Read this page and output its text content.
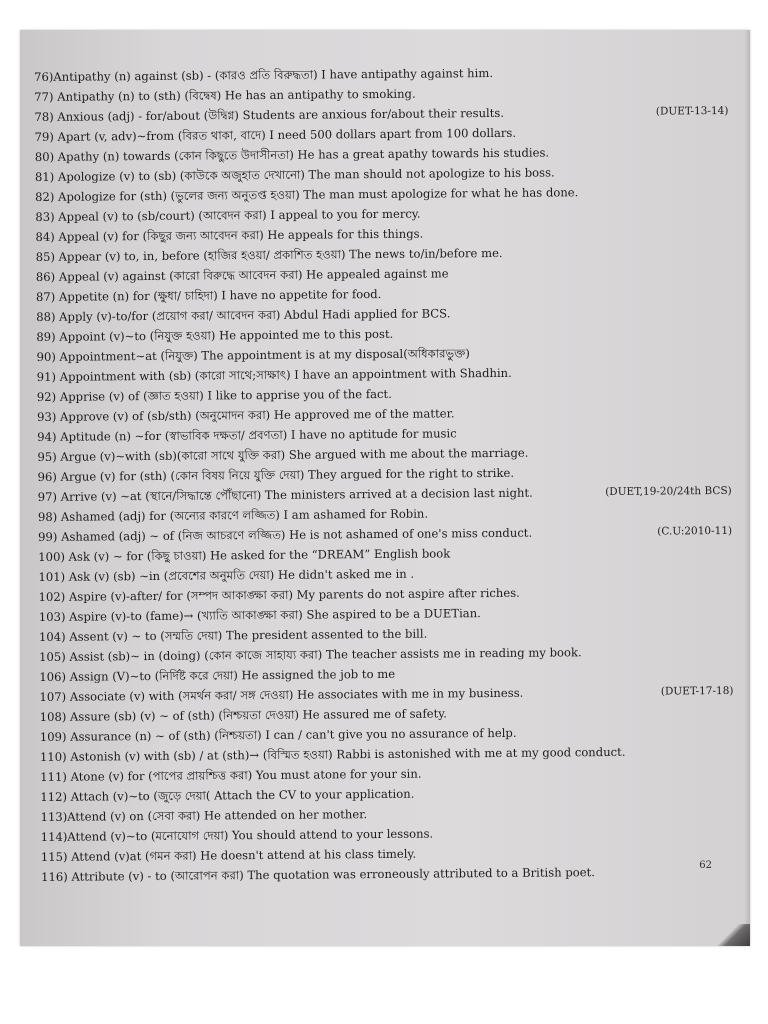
76)Antipathy (n) against (sb) - (কারও প্রতি বিরুদ্ধতা) I have antipathy against him.
77) Antipathy (n) to (sth) (বিদ্বেষ) He has an antipathy to smoking.
78) Anxious (adj) - for/about (উদ্বিগ্ন) Students are anxious for/about their results.	(DUET-13-14)
79) Apart (v, adv)~from (বিরত থাকা, বাদে) I need 500 dollars apart from 100 dollars.
80) Apathy (n) towards (কোন কিছুতে উদাসীনতা) He has a great apathy towards his studies.
81) Apologize (v) to (sb) (কাউকে অজুহাত দেখানো) The man should not apologize to his boss.
82) Apologize for (sth) (ভুলের জন্য অনুতপ্ত হওয়া) The man must apologize for what he has done.
83) Appeal (v) to (sb/court) (আবেদন করা) I appeal to you for mercy.
84) Appeal (v) for (কিছুর জন্য আবেদন করা) He appeals for this things.
85) Appear (v) to, in, before (হাজির হওয়া/ প্রকাশিত হওয়া) The news to/in/before me.
86) Appeal (v) against (কারো বিরুদ্ধে আবেদন করা) He appealed against me
87) Appetite (n) for (ক্ষুধা/ চাহিদা) I have no appetite for food.
88) Apply (v)-to/for (প্রয়োগ করা/ আবেদন করা) Abdul Hadi applied for BCS.
89) Appoint (v)~to (নিযুক্ত হওয়া) He appointed me to this post.
90) Appointment~at (নিযুক্ত) The appointment is at my disposal(অধিকারভুক্ত)
91) Appointment with (sb) (কারো সাথে;সাক্ষাৎ) I have an appointment with Shadhin.
92) Apprise (v) of (জ্ঞাত হওয়া) I like to apprise you of the fact.
93) Approve (v) of (sb/sth) (অনুমোদন করা) He approved me of the matter.
94) Aptitude (n) ~for (স্বাভাবিক দক্ষতা/ প্রবণতা) I have no aptitude for music
95) Argue (v)~with (sb)(কারো সাথে যুক্তি করা) She argued with me about the marriage.
96) Argue (v) for (sth) (কোন বিষয় নিয়ে যুক্তি দেয়া) They argued for the right to strike.
97) Arrive (v) ~at (স্থানে/সিদ্ধান্তে পৌঁছানো) The ministers arrived at a decision last night.	(DUET,19-20/24th BCS)
98) Ashamed (adj) for (অন্যের কারণে লজ্জিত) I am ashamed for Robin.
99) Ashamed (adj) ~ of (নিজ আচরণে লজ্জিত) He is not ashamed of one's miss conduct.	(C.U:2010-11)
100) Ask (v) ~ for (কিছু চাওয়া) He asked for the “DREAM” English book
101) Ask (v) (sb) ~in (প্রবেশের অনুমতি দেয়া) He didn't asked me in .
102) Aspire (v)-after/ for (সম্পদ আকাঙ্ক্ষা করা) My parents do not aspire after riches.
103) Aspire (v)-to (fame)→ (খ্যাতি আকাঙ্ক্ষা করা) She aspired to be a DUETian.
104) Assent (v) ~ to (সম্মতি দেয়া) The president assented to the bill.
105) Assist (sb)~ in (doing) (কোন কাজে সাহায্য করা) The teacher assists me in reading my book.
106) Assign (V)~to (নির্দিষ্ট করে দেয়া) He assigned the job to me
107) Associate (v) with (সমর্থন করা/ সঙ্গ দেওয়া) He associates with me in my business.	(DUET-17-18)
108) Assure (sb) (v) ~ of (sth) (নিশ্চয়তা দেওয়া) He assured me of safety.
109) Assurance (n) ~ of (sth) (নিশ্চয়তা) I can / can't give you no assurance of help.
110) Astonish (v) with (sb) / at (sth)→ (বিস্মিত হওয়া) Rabbi is astonished with me at my good conduct.
111) Atone (v) for (পাপের প্রায়শ্চিত্ত করা) You must atone for your sin.
112) Attach (v)~to (জুড়ে দেয়া( Attach the CV to your application.
113)Attend (v) on (সেবা করা) He attended on her mother.
114)Attend (v)~to (মনোযোগ দেয়া) You should attend to your lessons.
115) Attend (v)at (গমন করা) He doesn't attend at his class timely.
116) Attribute (v) - to (আরোপন করা) The quotation was erroneously attributed to a British poet.	62
